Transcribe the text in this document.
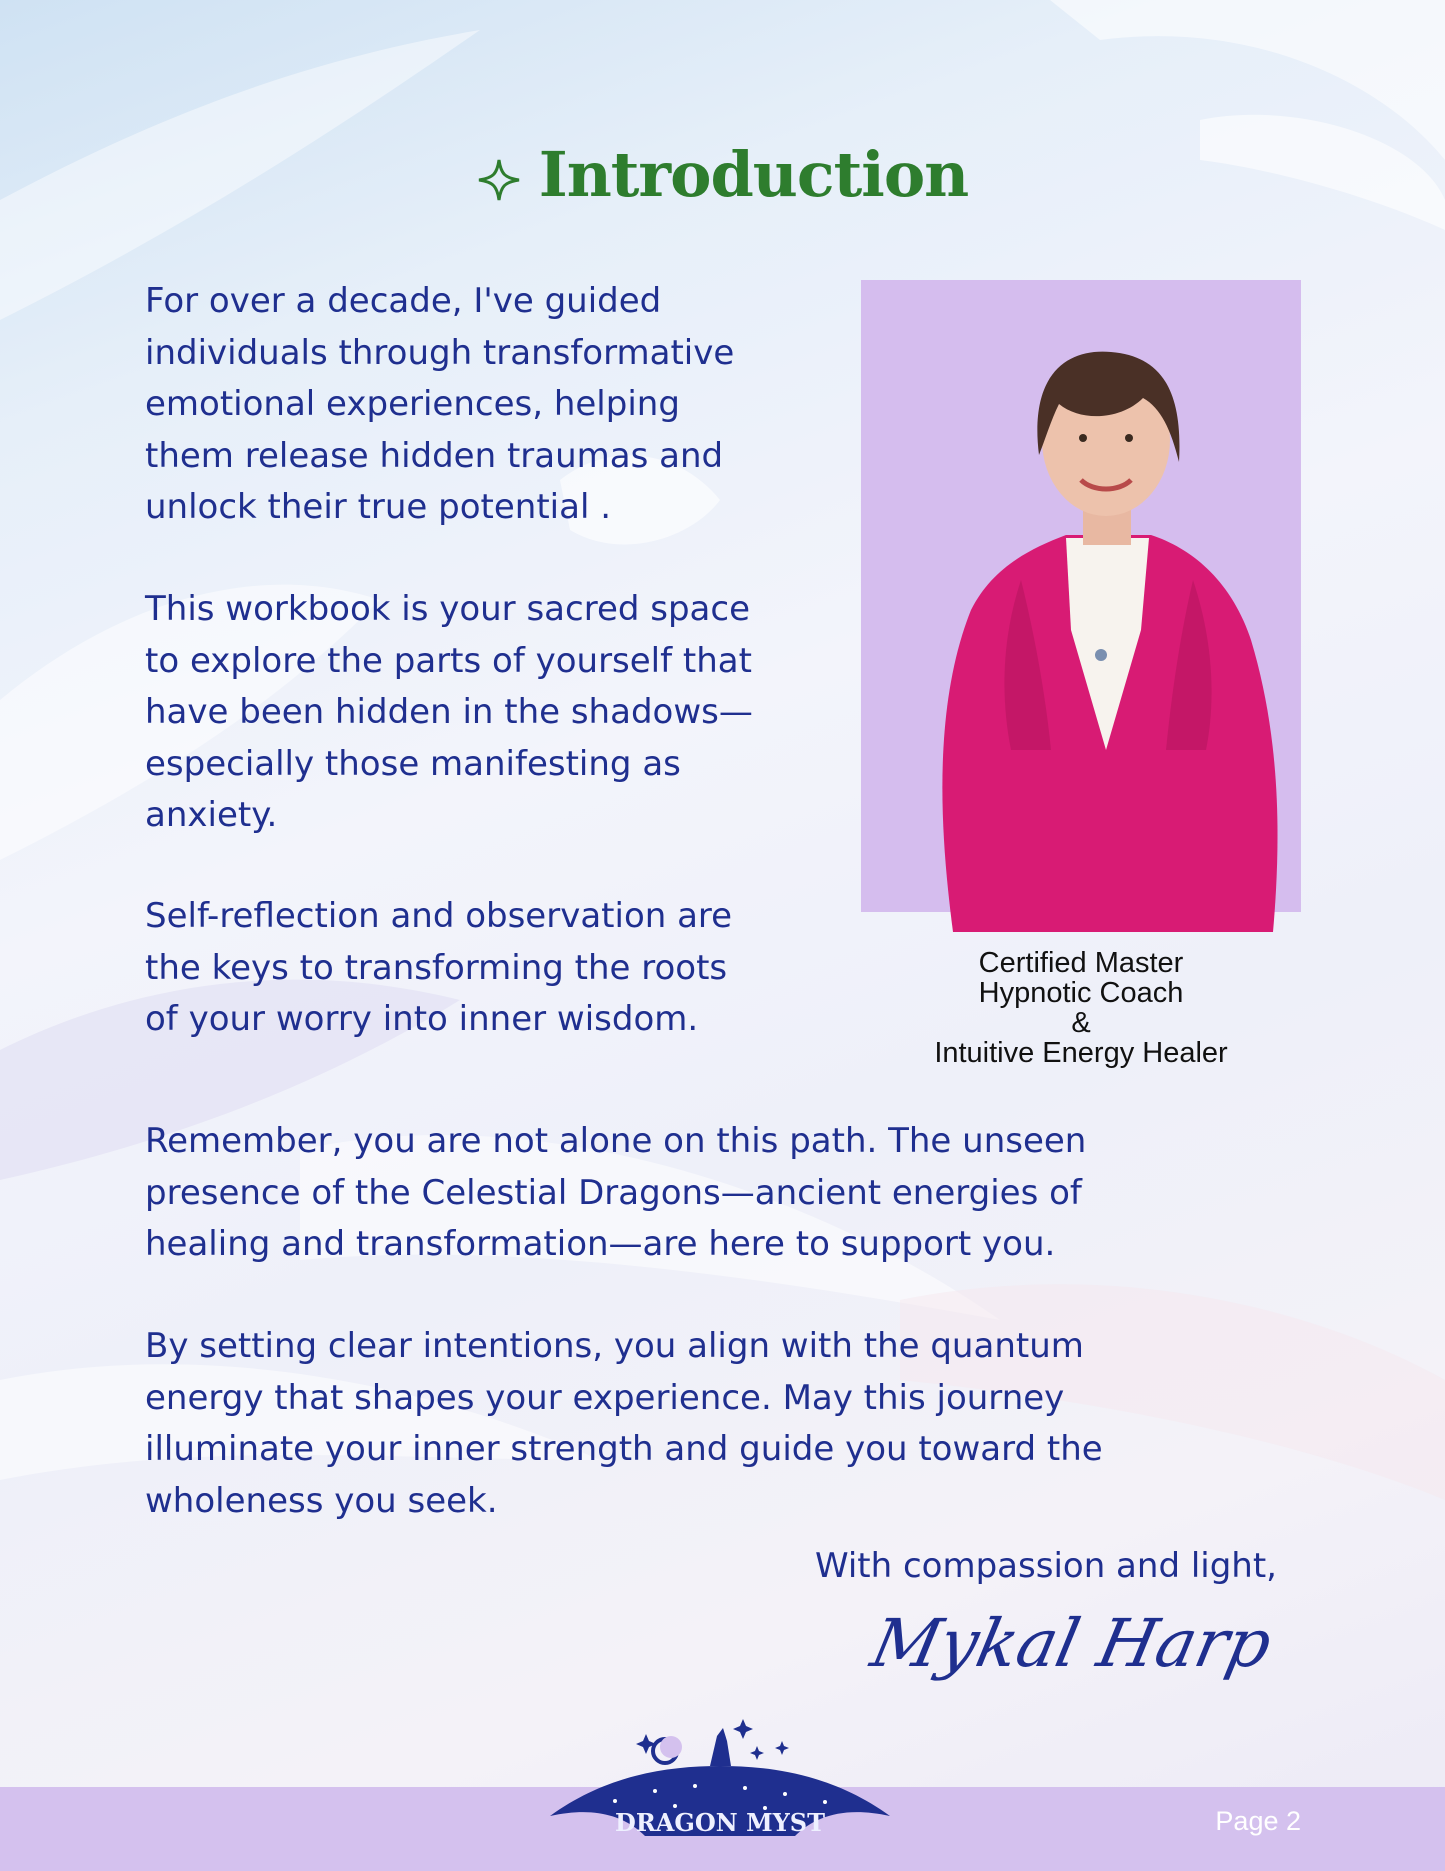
Introduction

For over a decade, I've guided
individuals through transformative
emotional experiences, helping
them release hidden traumas and
unlock their true potential .

This workbook is your sacred space
to explore the parts of yourself that
have been hidden in the shadows—
especially those manifesting as
anxiety.

Self-reflection and observation are
the keys to transforming the roots
of your worry into inner wisdom.

Remember, you are not alone on this path. The unseen
presence of the Celestial Dragons—ancient energies of
healing and transformation—are here to support you.

By setting clear intentions, you align with the quantum
energy that shapes your experience. May this journey
illuminate your inner strength and guide you toward the
wholeness you seek.

Certified Master
Hypnotic Coach
&
Intuitive Energy Healer
With compassion and light,
Mykal Harp
DRAGON MYST	Page 2
